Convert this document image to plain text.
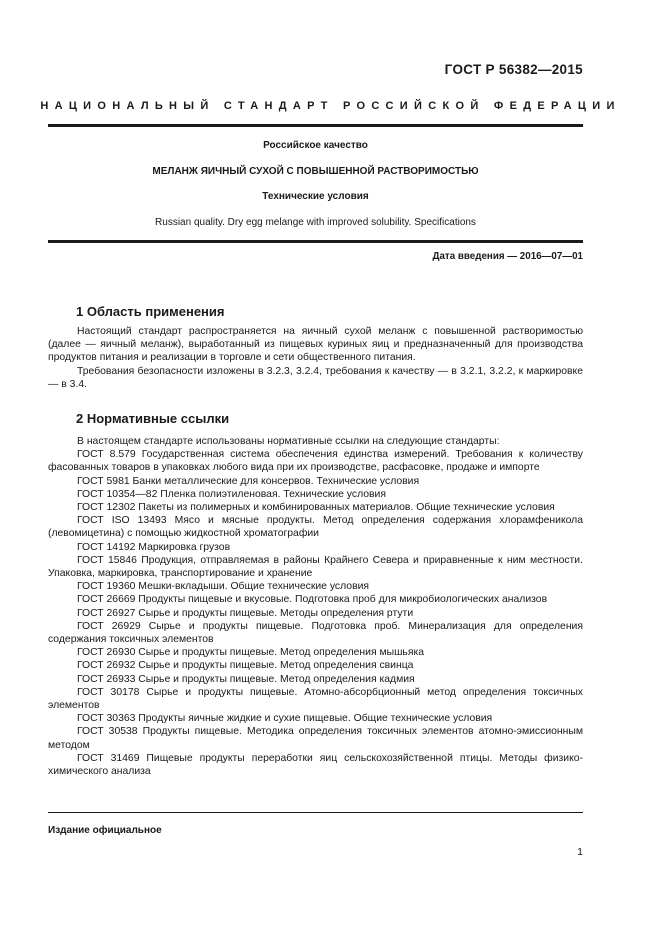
ГОСТ Р 56382—2015
НАЦИОНАЛЬНЫЙ СТАНДАРТ РОССИЙСКОЙ ФЕДЕРАЦИИ
Российское качество
МЕЛАНЖ ЯИЧНЫЙ СУХОЙ С ПОВЫШЕННОЙ РАСТВОРИМОСТЬЮ
Технические условия
Russian quality. Dry egg melange with improved solubility. Specifications
Дата введения — 2016—07—01
1 Область применения

Настоящий стандарт распространяется на яичный сухой меланж с повышенной растворимостью (далее — яичный меланж), выработанный из пищевых куриных яиц и предназначенный для производства продуктов питания и реализации в торговле и сети общественного питания.

Требования безопасности изложены в 3.2.3, 3.2.4, требования к качеству — в 3.2.1, 3.2.2, к маркировке — в 3.4.

2 Нормативные ссылки

В настоящем стандарте использованы нормативные ссылки на следующие стандарты:

ГОСТ 8.579 Государственная система обеспечения единства измерений. Требования к количеству фасованных товаров в упаковках любого вида при их производстве, расфасовке, продаже и импорте

ГОСТ 5981 Банки металлические для консервов. Технические условия

ГОСТ 10354—82 Пленка полиэтиленовая. Технические условия

ГОСТ 12302 Пакеты из полимерных и комбинированных материалов. Общие технические условия

ГОСТ ISO 13493 Мясо и мясные продукты. Метод определения содержания хлорамфеникола (левомицетина) с помощью жидкостной хроматографии

ГОСТ 14192 Маркировка грузов

ГОСТ 15846 Продукция, отправляемая в районы Крайнего Севера и приравненные к ним местности. Упаковка, маркировка, транспортирование и хранение

ГОСТ 19360 Мешки-вкладыши. Общие технические условия

ГОСТ 26669 Продукты пищевые и вкусовые. Подготовка проб для микробиологических анализов

ГОСТ 26927 Сырье и продукты пищевые. Методы определения ртути

ГОСТ 26929 Сырье и продукты пищевые. Подготовка проб. Минерализация для определения содержания токсичных элементов

ГОСТ 26930 Сырье и продукты пищевые. Метод определения мышьяка

ГОСТ 26932 Сырье и продукты пищевые. Метод определения свинца

ГОСТ 26933 Сырье и продукты пищевые. Метод определения кадмия

ГОСТ 30178 Сырье и продукты пищевые. Атомно-абсорбционный метод определения токсичных элементов

ГОСТ 30363 Продукты яичные жидкие и сухие пищевые. Общие технические условия

ГОСТ 30538 Продукты пищевые. Методика определения токсичных элементов атомно-эмиссионным методом

ГОСТ 31469 Пищевые продукты переработки яиц сельскохозяйственной птицы. Методы физико-химического анализа

Издание официальное
1
